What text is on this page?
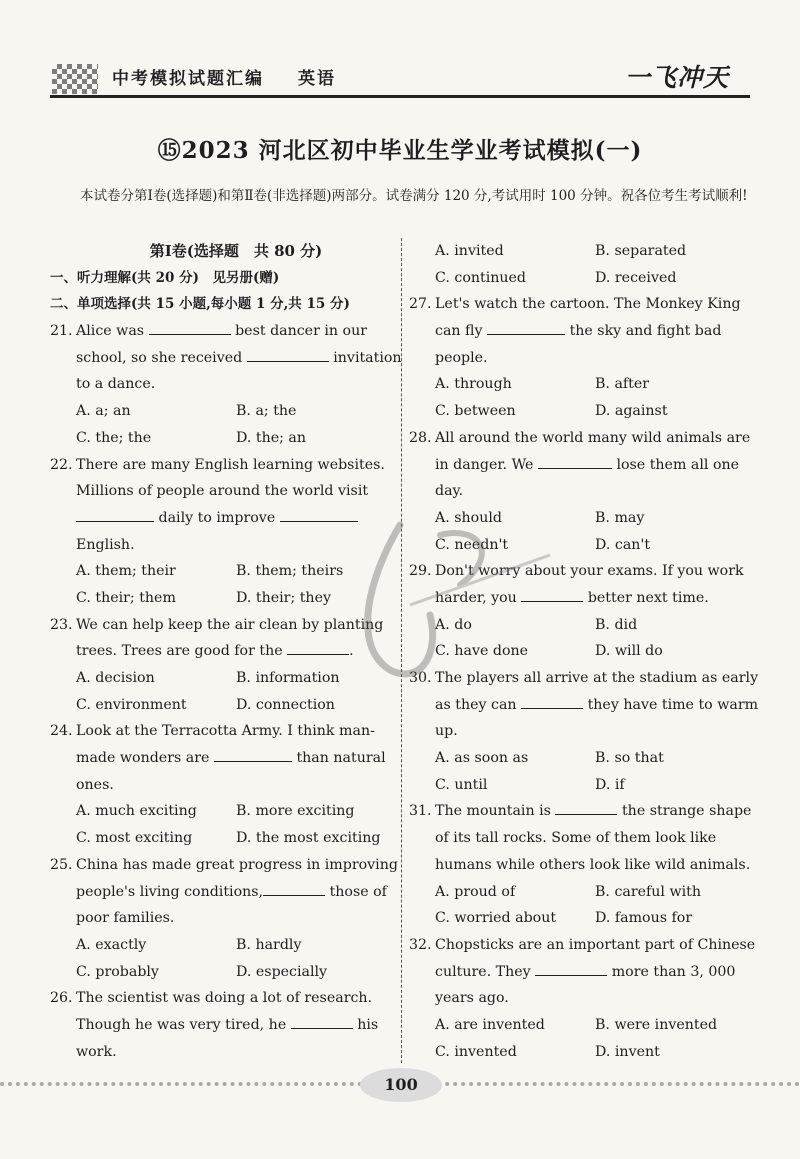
中考模拟试题汇编 英语	一飞冲天
⑮2023 河北区初中毕业生学业考试模拟(一)
本试卷分第Ⅰ卷(选择题)和第Ⅱ卷(非选择题)两部分。试卷满分 120 分,考试用时 100 分钟。祝各位考生考试顺利!
第Ⅰ卷(选择题　共 80 分)
一、听力理解(共 20 分)　见另册(赠)
二、单项选择(共 15 小题,每小题 1 分,共 15 分)
21. Alice was	best dancer in our
school, so she received	invitation
to a dance.
A. a; an	B. a; the
C. the; the	D. the; an
22. There are many English learning websites.
Millions of people around the world visit
daily to improve
English.
A. them; their	B. them; theirs
C. their; them	D. their; they
23. We can help keep the air clean by planting
trees. Trees are good for the	.
A. decision	B. information
C. environment	D. connection
24. Look at the Terracotta Army. I think man-
made wonders are	than natural
ones.
A. much exciting	B. more exciting
C. most exciting	D. the most exciting
25. China has made great progress in improving
people's living conditions,	those of
poor families.
A. exactly	B. hardly
C. probably	D. especially
26. The scientist was doing a lot of research.
Though he was very tired, he	his
work.
A. invited	B. separated
C. continued	D. received
27. Let's watch the cartoon. The Monkey King
can fly	the sky and fight bad
people.
A. through	B. after
C. between	D. against
28. All around the world many wild animals are
in danger. We	lose them all one
day.
A. should	B. may
C. needn't	D. can't
29. Don't worry about your exams. If you work
harder, you	better next time.
A. do	B. did
C. have done	D. will do
30. The players all arrive at the stadium as early
as they can	they have time to warm
up.
A. as soon as	B. so that
C. until	D. if
31. The mountain is	the strange shape
of its tall rocks. Some of them look like
humans while others look like wild animals.
A. proud of	B. careful with
C. worried about	D. famous for
32. Chopsticks are an important part of Chinese
culture. They	more than 3, 000
years ago.
A. are invented	B. were invented
C. invented	D. invent
100
